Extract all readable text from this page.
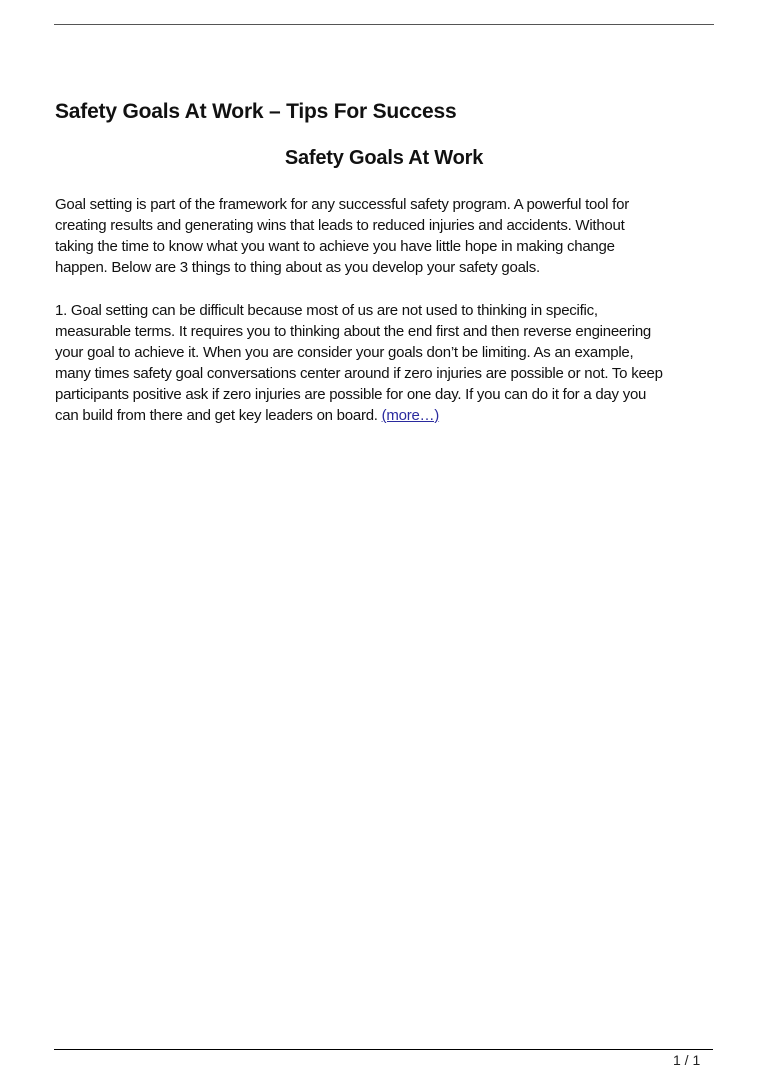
Safety Goals At Work – Tips For Success
Safety Goals At Work

Goal setting is part of the framework for any successful safety program. A powerful tool for
creating results and generating wins that leads to reduced injuries and accidents. Without
taking the time to know what you want to achieve you have little hope in making change
happen. Below are 3 things to thing about as you develop your safety goals.

1. Goal setting can be difficult because most of us are not used to thinking in specific,
measurable terms. It requires you to thinking about the end first and then reverse engineering
your goal to achieve it. When you are consider your goals don’t be limiting. As an example,
many times safety goal conversations center around if zero injuries are possible or not. To keep
participants positive ask if zero injuries are possible for one day. If you can do it for a day you
can build from there and get key leaders on board. (more…)

1 / 1
